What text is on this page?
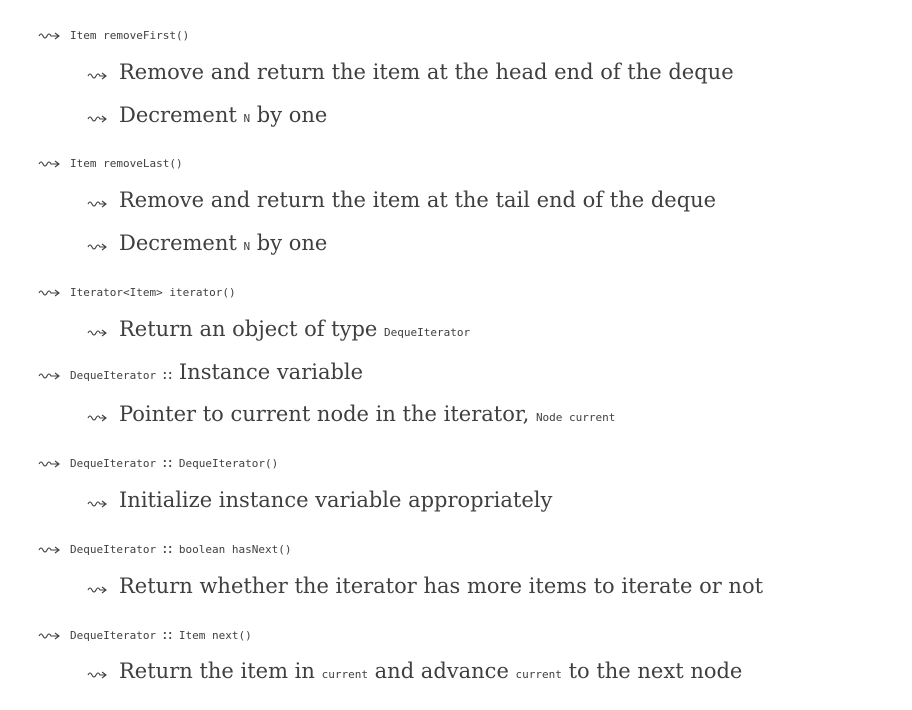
Item removeFirst()
Remove and return the item at the head end of the deque
Decrement N by one
Item removeLast()
Remove and return the item at the tail end of the deque
Decrement N by one
Iterator<Item> iterator()
Return an object of type DequeIterator
DequeIterator :: Instance variable
Pointer to current node in the iterator, Node current
DequeIterator :: DequeIterator()
Initialize instance variable appropriately
DequeIterator :: boolean hasNext()
Return whether the iterator has more items to iterate or not
DequeIterator :: Item next()
Return the item in current and advance current to the next node
